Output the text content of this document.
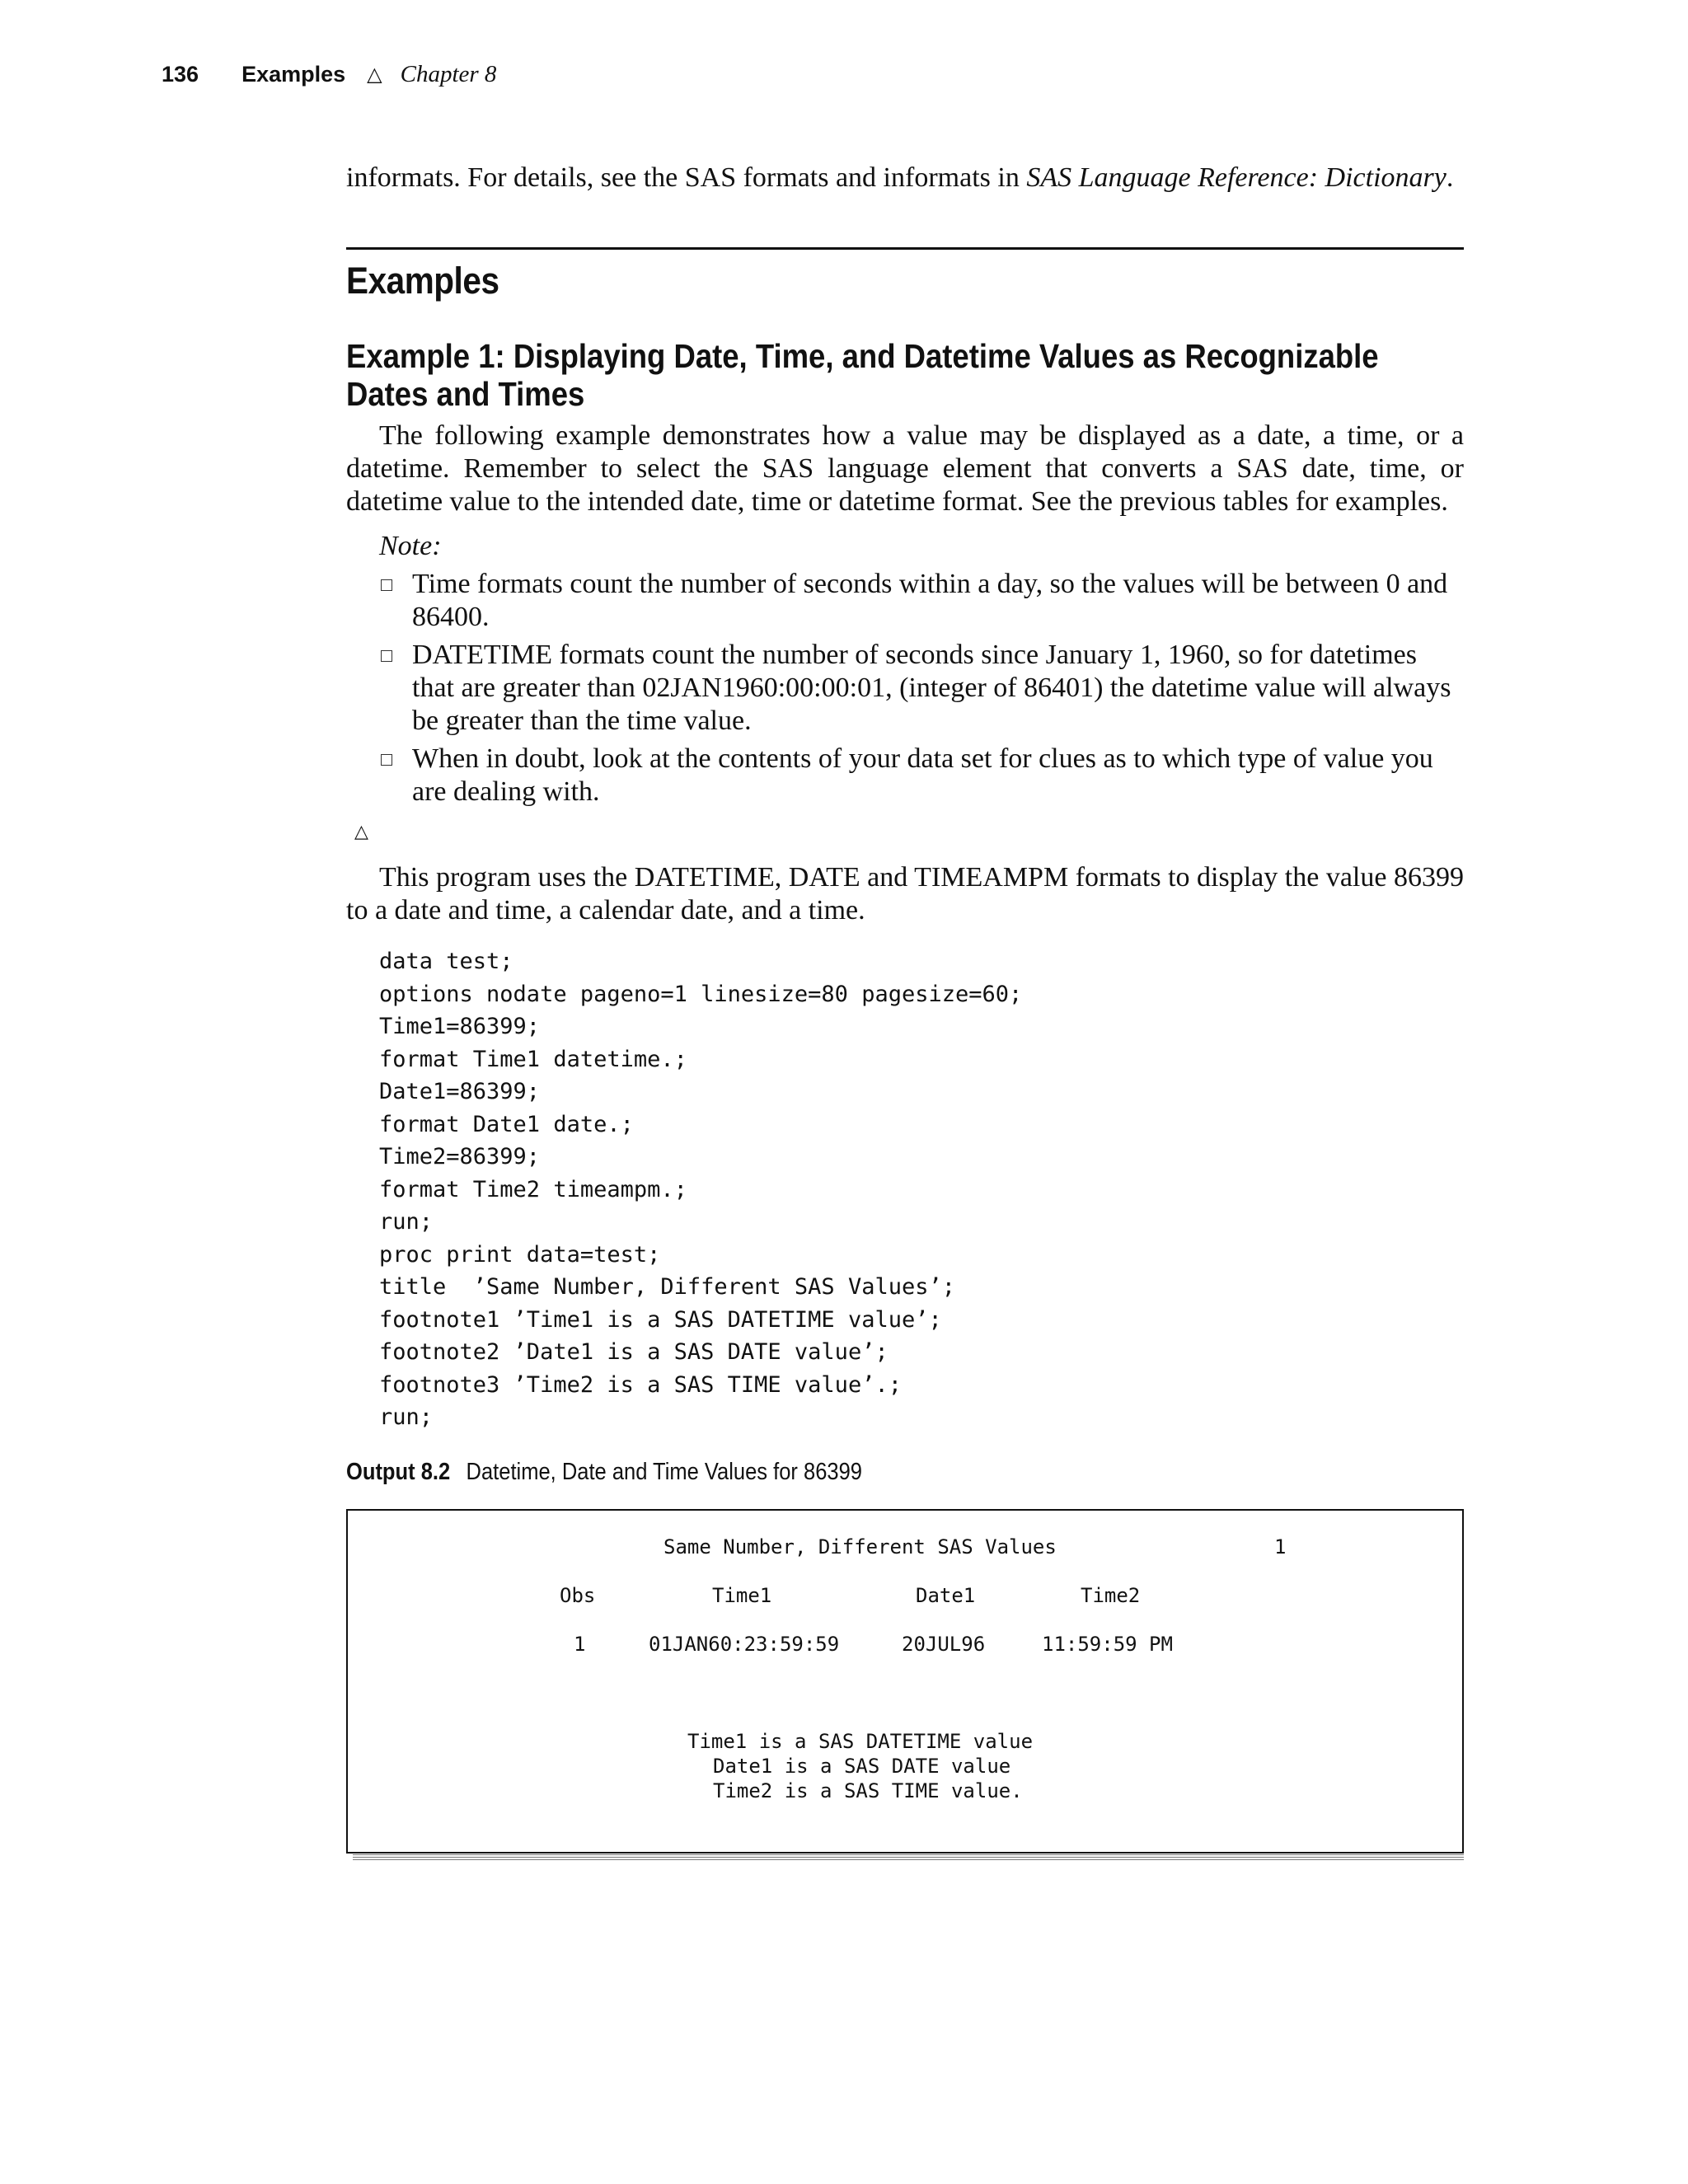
136 Examples △ Chapter 8

informats. For details, see the SAS formats and informats in SAS Language Reference: Dictionary.

Examples
Example 1: Displaying Date, Time, and Datetime Values as Recognizable Dates and Times

The following example demonstrates how a value may be displayed as a date, a time, or a datetime. Remember to select the SAS language element that converts a SAS date, time, or datetime value to the intended date, time or datetime format. See the previous tables for examples.

Note:
Time formats count the number of seconds within a day, so the values will be between 0 and 86400.
DATETIME formats count the number of seconds since January 1, 1960, so for datetimes that are greater than 02JAN1960:00:00:01, (integer of 86401) the datetime value will always be greater than the time value.
When in doubt, look at the contents of your data set for clues as to which type of value you are dealing with.
△

This program uses the DATETIME, DATE and TIMEAMPM formats to display the value 86399 to a date and time, a calendar date, and a time.

data test;
options nodate pageno=1 linesize=80 pagesize=60;
Time1=86399;
format Time1 datetime.;
Date1=86399;
format Date1 date.;
Time2=86399;
format Time2 timeampm.;
run;
proc print data=test;
title  ’Same Number, Different SAS Values’;
footnote1 ’Time1 is a SAS DATETIME value’;
footnote2 ’Date1 is a SAS DATE value’;
footnote3 ’Time2 is a SAS TIME value’.;
run;
Output 8.2 Datetime, Date and Time Values for 86399
Same Number, Different SAS Values	1
Obs	Time1	Date1	Time2
1	01JAN60:23:59:59	20JUL96	11:59:59 PM
Time1 is a SAS DATETIME value
Date1 is a SAS DATE value
Time2 is a SAS TIME value.
